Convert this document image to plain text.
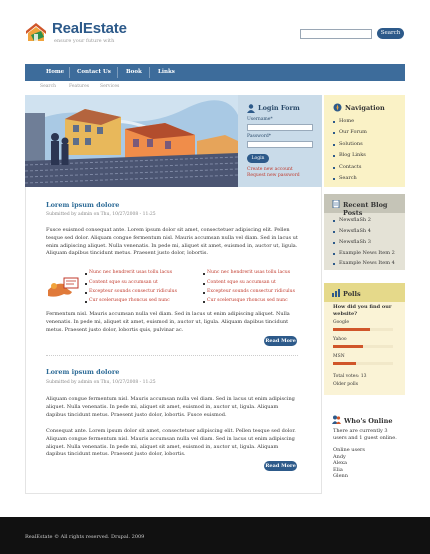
RealEstate
ensure your future with
Search
Home Contact Us	Book	Links
Search	Features Services
Login Form
Username*
Password*
Login
Create new account
Request new password
Navigation
Home
Our Forum
Solutions
Blog Links
Contacts
Search
Lorem ipsum dolore
Submitted by admin on Thu, 10/27/2008 - 11:25
Fusce euismod consequat ante. Lorem ipsum dolor sit amet, consectetuer adipiscing elit. Pellen
tesque sed dolor. Aliquam congue fermentum nisl. Mauris accumsan nulla vel diam. Sed in lacus ut
enim adipiscing aliquet. Nulla venenatis. In pede mi, aliquet sit amet, euismod in, auctor ut, ligula.
Aliquam dapibus tincidunt metus. Praesent justo dolor, lobortis.
Nunc nec hendrerit usas tollu lacus	Nunc nec hendrerit usas tollu lacus
Content sque su accumsan ut	Content sque su accumsan ut
Excepteur sounds consectur ridiculus	Excepteur sounds consectur ridiculus
Cur scelerusque rhoncus sed nunc	Cur scelerusque rhoncus sed nunc
Fermentum nisl. Mauris accumsan nulla vel diam. Sed in lacus ut enim adipiscing aliquet. Nulla
venenatis. In pede mi, aliquet sit amet, euismod in, auctor ut, ligula. Aliquam dapibus tincidunt
metus. Praesent justo dolor, lobortis quis, pulvinar ac.
Read More
Lorem ipsum dolore
Submitted by admin on Thu, 10/27/2008 - 11:25
Aliquam congue fermentum nisl. Mauris accumsan nulla vel diam. Sed in lacus ut enim adipiscing
aliquet. Nulla venenatis. In pede mi, aliquet sit amet, euismod in, auctor ut, ligula. Aliquam
dapibus tincidunt metus. Praesent justo dolor, lobortis. Fusce euismod.
Consequat ante. Lorem ipsum dolor sit amet, consectetuer adipiscing elit. Pellen tesque sed dolor.
Aliquam congue fermentum nisl. Mauris accumsan nulla vel diam. Sed in lacus ut enim adipiscing
aliquet. Nulla venenatis. In pede mi, aliquet sit amet, euismod in, auctor ut, ligula. Aliquam
dapibus tincidunt metus. Praesent justo dolor, lobortis.
Read More
Recent Blog Posts
NewsflaSh 2
NewsflaSh 4
NewsflaSh 3
Example News Item 2
Example News Item 4
Polls
How did you find our website?
Google
Yahoo
MSN
Total votes: 13
Older polls
Who's Online
There are currently 3
users and 1 guest online.
Online users
Andy
Alexa
Elia
Glenn
RealEstate © All rights reserved. Drupal. 2009
